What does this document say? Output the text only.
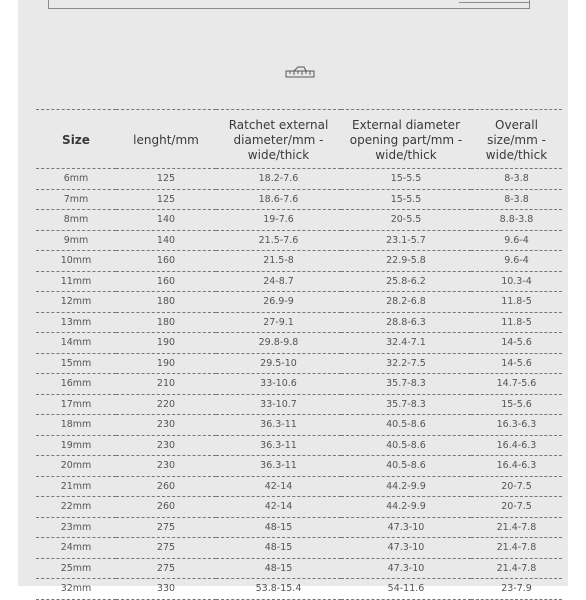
Size	lenght/mm	Ratchet external diameter/mm -wide/thick	External diameter opening part/mm -wide/thick	Overall size/mm -wide/thick
6mm	125	18.2-7.6	15-5.5	8-3.8
7mm	125	18.6-7.6	15-5.5	8-3.8
8mm	140	19-7.6	20-5.5	8.8-3.8
9mm	140	21.5-7.6	23.1-5.7	9.6-4
10mm	160	21.5-8	22.9-5.8	9.6-4
11mm	160	24-8.7	25.8-6.2	10.3-4
12mm	180	26.9-9	28.2-6.8	11.8-5
13mm	180	27-9.1	28.8-6.3	11.8-5
14mm	190	29.8-9.8	32.4-7.1	14-5.6
15mm	190	29.5-10	32.2-7.5	14-5.6
16mm	210	33-10.6	35.7-8.3	14.7-5.6
17mm	220	33-10.7	35.7-8.3	15-5.6
18mm	230	36.3-11	40.5-8.6	16.3-6.3
19mm	230	36.3-11	40.5-8.6	16.4-6.3
20mm	230	36.3-11	40.5-8.6	16.4-6.3
21mm	260	42-14	44.2-9.9	20-7.5
22mm	260	42-14	44.2-9.9	20-7.5
23mm	275	48-15	47.3-10	21.4-7.8
24mm	275	48-15	47.3-10	21.4-7.8
25mm	275	48-15	47.3-10	21.4-7.8
32mm	330	53.8-15.4	54-11.6	23-7.9
